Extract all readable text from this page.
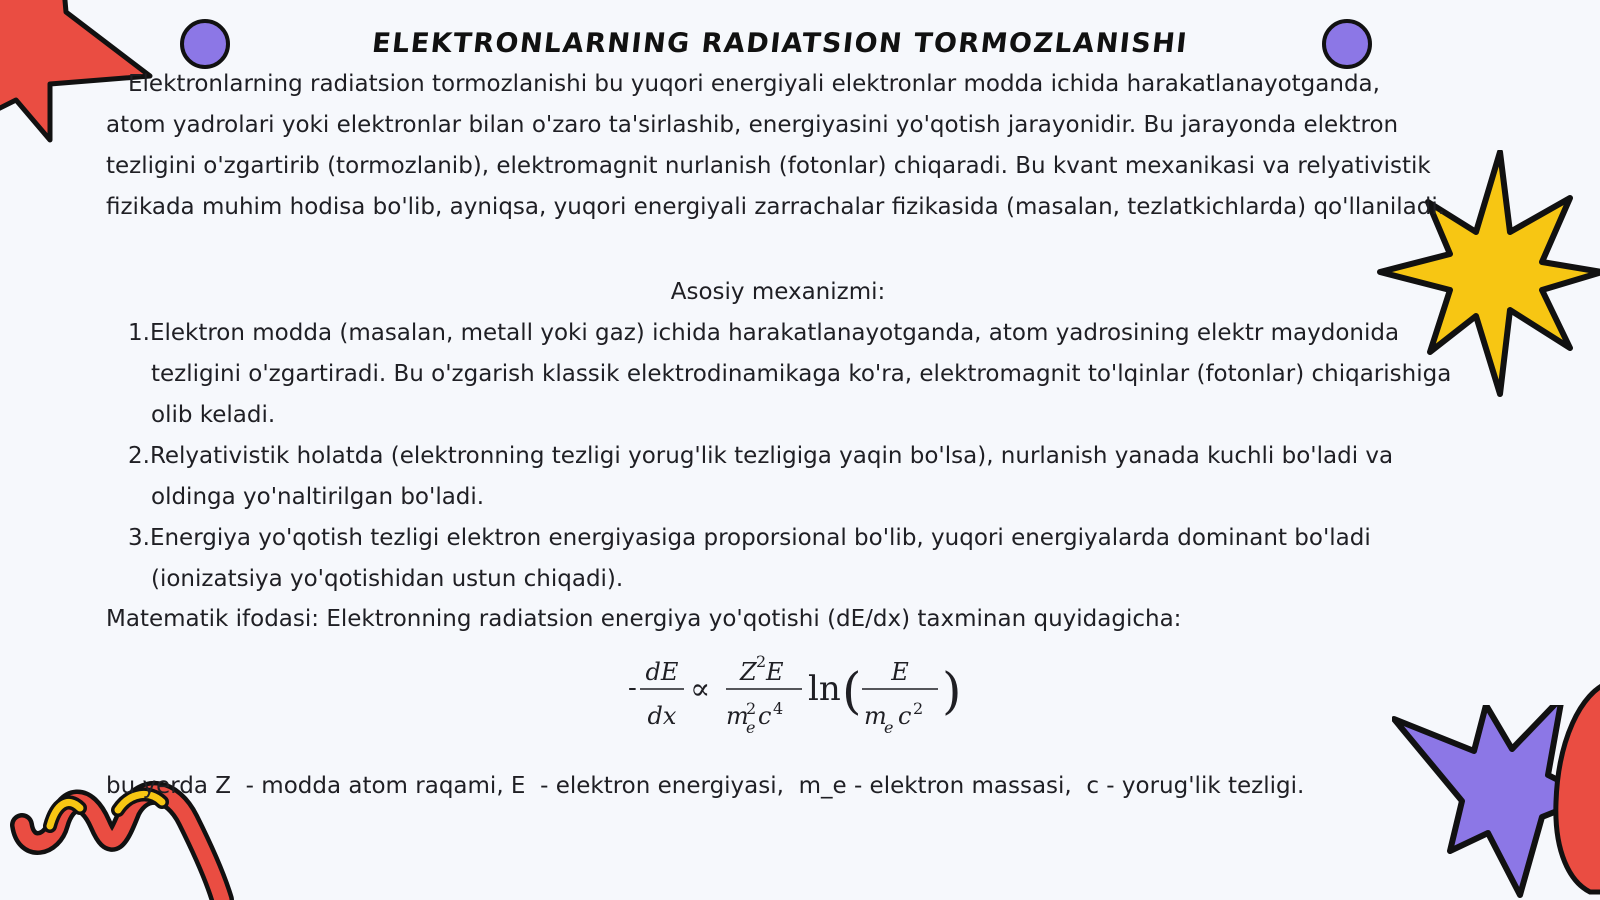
ELEKTRONLARNING RADIATSION TORMOZLANISHI

Elektronlarning radiatsion tormozlanishi bu yuqori energiyali elektronlar modda ichida harakatlanayotganda, atom yadrolari yoki elektronlar bilan o'zaro ta'sirlashib, energiyasini yo'qotish jarayonidir. Bu jarayonda elektron tezligini o'zgartirib (tormozlanib), elektromagnit nurlanish (fotonlar) chiqaradi. Bu kvant mexanikasi va relyativistik fizikada muhim hodisa bo'lib, ayniqsa, yuqori energiyali zarrachalar fizikasida (masalan, tezlatkichlarda) qo'llaniladi.

Asosiy mexanizmi:
1.Elektron modda (masalan, metall yoki gaz) ichida harakatlanayotganda, atom yadrosining elektr maydonida tezligini o'zgartiradi. Bu o'zgarish klassik elektrodinamikaga ko'ra, elektromagnit to'lqinlar (fotonlar) chiqarishiga olib keladi.
2.Relyativistik holatda (elektronning tezligi yorug'lik tezligiga yaqin bo'lsa), nurlanish yanada kuchli bo'ladi va oldinga yo'naltirilgan bo'ladi.
3.Energiya yo'qotish tezligi elektron energiyasiga proporsional bo'lib, yuqori energiyalarda dominant bo'ladi (ionizatsiya yo'qotishidan ustun chiqadi).
Matematik ifodasi: Elektronning radiatsion energiya yo'qotishi (dE/dx) taxminan quyidagicha:
-
dE
dx
∝ Z 2 E
m
2
e c 4 ln ( E
m
e c 2 )
bu yerda Z  - modda atom raqami, E  - elektron energiyasi,  m_e - elektron massasi,  c - yorug'lik tezligi.
